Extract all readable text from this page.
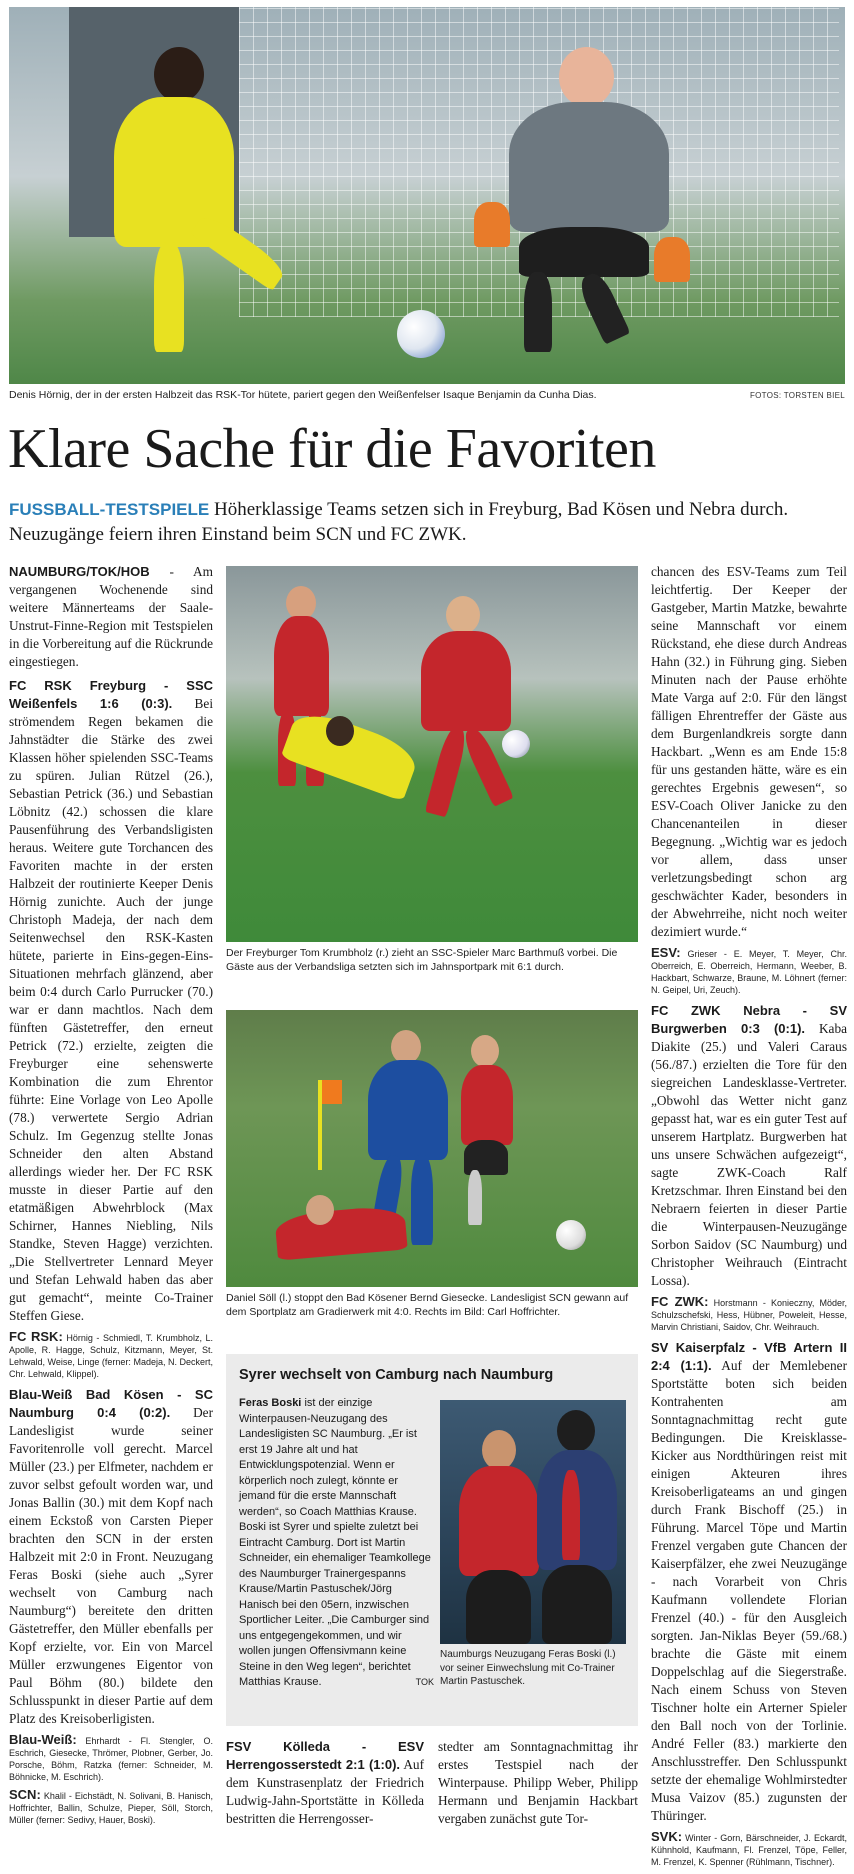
Denis Hörnig, der in der ersten Halbzeit das RSK-Tor hütete, pariert gegen den Weißenfelser Isaque Benjamin da Cunha Dias.	FOTOS: TORSTEN BIEL
Klare Sache für die Favoriten
FUSSBALL-TESTSPIELE Höherklassige Teams setzen sich in Freyburg, Bad Kösen und Nebra durch. Neuzugänge feiern ihren Einstand beim SCN und FC ZWK.

NAUMBURG/TOK/HOB - Am vergangenen Wochenende sind weitere Männerteams der Saale-Unstrut-Finne-Region mit Testspielen in die Vorbereitung auf die Rückrunde eingestiegen.

FC RSK Freyburg - SSC Weißenfels 1:6 (0:3). Bei strömendem Regen bekamen die Jahnstädter die Stärke des zwei Klassen höher spielenden SSC-Teams zu spüren. Julian Rützel (26.), Sebastian Petrick (36.) und Sebastian Löbnitz (42.) schossen die klare Pausenführung des Verbandsligisten heraus. Weitere gute Torchancen des Favoriten machte in der ersten Halbzeit der routinierte Keeper Denis Hörnig zunichte. Auch der junge Christoph Madeja, der nach dem Seitenwechsel den RSK-Kasten hütete, parierte in Eins-gegen-Eins-Situationen mehrfach glänzend, aber beim 0:4 durch Carlo Purrucker (70.) war er dann machtlos. Nach dem fünften Gästetreffer, den erneut Petrick (72.) erzielte, zeigten die Freyburger eine sehenswerte Kombination die zum Ehrentor führte: Eine Vorlage von Leo Apolle (78.) verwertete Sergio Adrian Schulz. Im Gegenzug stellte Jonas Schneider den alten Abstand allerdings wieder her. Der FC RSK musste in dieser Partie auf den etatmäßigen Abwehrblock (Max Schirner, Hannes Niebling, Nils Standke, Steven Hagge) verzichten. „Die Stellvertreter Lennard Meyer und Stefan Lehwald haben das aber gut gemacht“, meinte Co-Trainer Steffen Giese.

FC RSK: Hörnig - Schmiedl, T. Krumbholz, L. Apolle, R. Hagge, Schulz, Kitzmann, Meyer, St. Lehwald, Weise, Linge (ferner: Madeja, N. Deckert, Chr. Lehwald, Klippel).

Blau-Weiß Bad Kösen - SC Naumburg 0:4 (0:2). Der Landesligist wurde seiner Favoritenrolle voll gerecht. Marcel Müller (23.) per Elfmeter, nachdem er zuvor selbst gefoult worden war, und Jonas Ballin (30.) mit dem Kopf nach einem Eckstoß von Carsten Pieper brachten den SCN in der ersten Halbzeit mit 2:0 in Front. Neuzugang Feras Boski (siehe auch „Syrer wechselt von Camburg nach Naumburg“) bereitete den dritten Gästetreffer, den Müller ebenfalls per Kopf erzielte, vor. Ein von Marcel Müller erzwungenes Eigentor von Paul Böhm (80.) bildete den Schlusspunkt in dieser Partie auf dem Platz des Kreisoberligisten.

Blau-Weiß: Ehrhardt - Fl. Stengler, O. Eschrich, Giesecke, Thrömer, Plobner, Gerber, Jo. Porsche, Böhm, Ratzka (ferner: Schneider, M. Böhnicke, M. Eschrich).

SCN: Khalil - Eichstädt, N. Solivani, B. Hanisch, Hoffrichter, Ballin, Schulze, Pieper, Söll, Storch, Müller (ferner: Sedivy, Hauer, Boski).

Der Freyburger Tom Krumbholz (r.) zieht an SSC-Spieler Marc Barthmuß vorbei. Die Gäste aus der Verbandsliga setzten sich im Jahnsportpark mit 6:1 durch.
Daniel Söll (l.) stoppt den Bad Kösener Bernd Giesecke. Landesligist SCN gewann auf dem Sportplatz am Gradierwerk mit 4:0. Rechts im Bild: Carl Hoffrichter.
Syrer wechselt von Camburg nach Naumburg
Feras Boski ist der einzige Winterpausen-Neuzugang des Landesligisten SC Naumburg. „Er ist erst 19 Jahre alt und hat Entwicklungspotenzial. Wenn er körperlich noch zulegt, könnte er jemand für die erste Mannschaft werden“, so Coach Matthias Krause. Boski ist Syrer und spielte zuletzt bei Eintracht Camburg. Dort ist Martin Schneider, ein ehemaliger Teamkollege des Naumburger Trainergespanns Krause/Martin Pastuschek/Jörg Hanisch bei den 05ern, inzwischen Sportlicher Leiter. „Die Camburger sind uns entgegengekommen, und wir wollen jungen Offensivmann keine Steine in den Weg legen“, berichtet Matthias Krause.	TOK
Naumburgs Neuzugang Feras Boski (l.) vor seiner Einwechslung mit Co-Trainer Martin Pastuschek.

FSV Kölleda - ESV Herrengosserstedt 2:1 (1:0). Auf dem Kunstrasenplatz der Friedrich Ludwig-Jahn-Sportstätte in Kölleda bestritten die Herrengosser-

stedter am Sonntagnachmittag ihr erstes Testspiel nach der Winterpause. Philipp Weber, Philipp Hermann und Benjamin Hackbart vergaben zunächst gute Tor-

chancen des ESV-Teams zum Teil leichtfertig. Der Keeper der Gastgeber, Martin Matzke, bewahrte seine Mannschaft vor einem Rückstand, ehe diese durch Andreas Hahn (32.) in Führung ging. Sieben Minuten nach der Pause erhöhte Mate Varga auf 2:0. Für den längst fälligen Ehrentreffer der Gäste aus dem Burgenlandkreis sorgte dann Hackbart. „Wenn es am Ende 15:8 für uns gestanden hätte, wäre es ein gerechtes Ergebnis gewesen“, so ESV-Coach Oliver Janicke zu den Chancenanteilen in dieser Begegnung. „Wichtig war es jedoch vor allem, dass unser verletzungsbedingt schon arg geschwächter Kader, besonders in der Abwehrreihe, nicht noch weiter dezimiert wurde.“

ESV: Grieser - E. Meyer, T. Meyer, Chr. Oberreich, E. Oberreich, Hermann, Weeber, B. Hackbart, Schwarze, Braune, M. Löhnert (ferner: N. Geipel, Uri, Zeuch).

FC ZWK Nebra - SV Burgwerben 0:3 (0:1). Kaba Diakite (25.) und Valeri Caraus (56./87.) erzielten die Tore für den siegreichen Landesklasse-Vertreter. „Obwohl das Wetter nicht ganz gepasst hat, war es ein guter Test auf unserem Hartplatz. Burgwerben hat uns unsere Schwächen aufgezeigt“, sagte ZWK-Coach Ralf Kretzschmar. Ihren Einstand bei den Nebraern feierten in dieser Partie die Winterpausen-Neuzugänge Sorbon Saidov (SC Naumburg) und Christopher Weihrauch (Eintracht Lossa).

FC ZWK: Horstmann - Konieczny, Möder, Schulzschefski, Hess, Hübner, Poweleit, Hesse, Marvin Christiani, Saidov, Chr. Weihrauch.

SV Kaiserpfalz - VfB Artern II 2:4 (1:1). Auf der Memlebener Sportstätte boten sich beiden Kontrahenten am Sonntagnachmittag recht gute Bedingungen. Die Kreisklasse-Kicker aus Nordthüringen reist mit einigen Akteuren ihres Kreisoberligateams an und gingen durch Frank Bischoff (25.) in Führung. Marcel Töpe und Martin Frenzel vergaben gute Chancen der Kaiserpfälzer, ehe zwei Neuzugänge - nach Vorarbeit von Chris Kaufmann vollendete Florian Frenzel (40.) - für den Ausgleich sorgten. Jan-Niklas Beyer (59./68.) brachte die Gäste mit einem Doppelschlag auf die Siegerstraße. Nach einem Schuss von Steven Tischner holte ein Arterner Spieler den Ball noch von der Torlinie. André Feller (83.) markierte den Anschlusstreffer. Den Schlusspunkt setzte der ehemalige Wohlmirstedter Musa Vaizov (85.) zugunsten der Thüringer.

SVK: Winter - Gorn, Bärschneider, J. Eckardt, Kühnhold, Kaufmann, Fl. Frenzel, Töpe, Feller, M. Frenzel, K. Spenner (Rühlmann, Tischner).
